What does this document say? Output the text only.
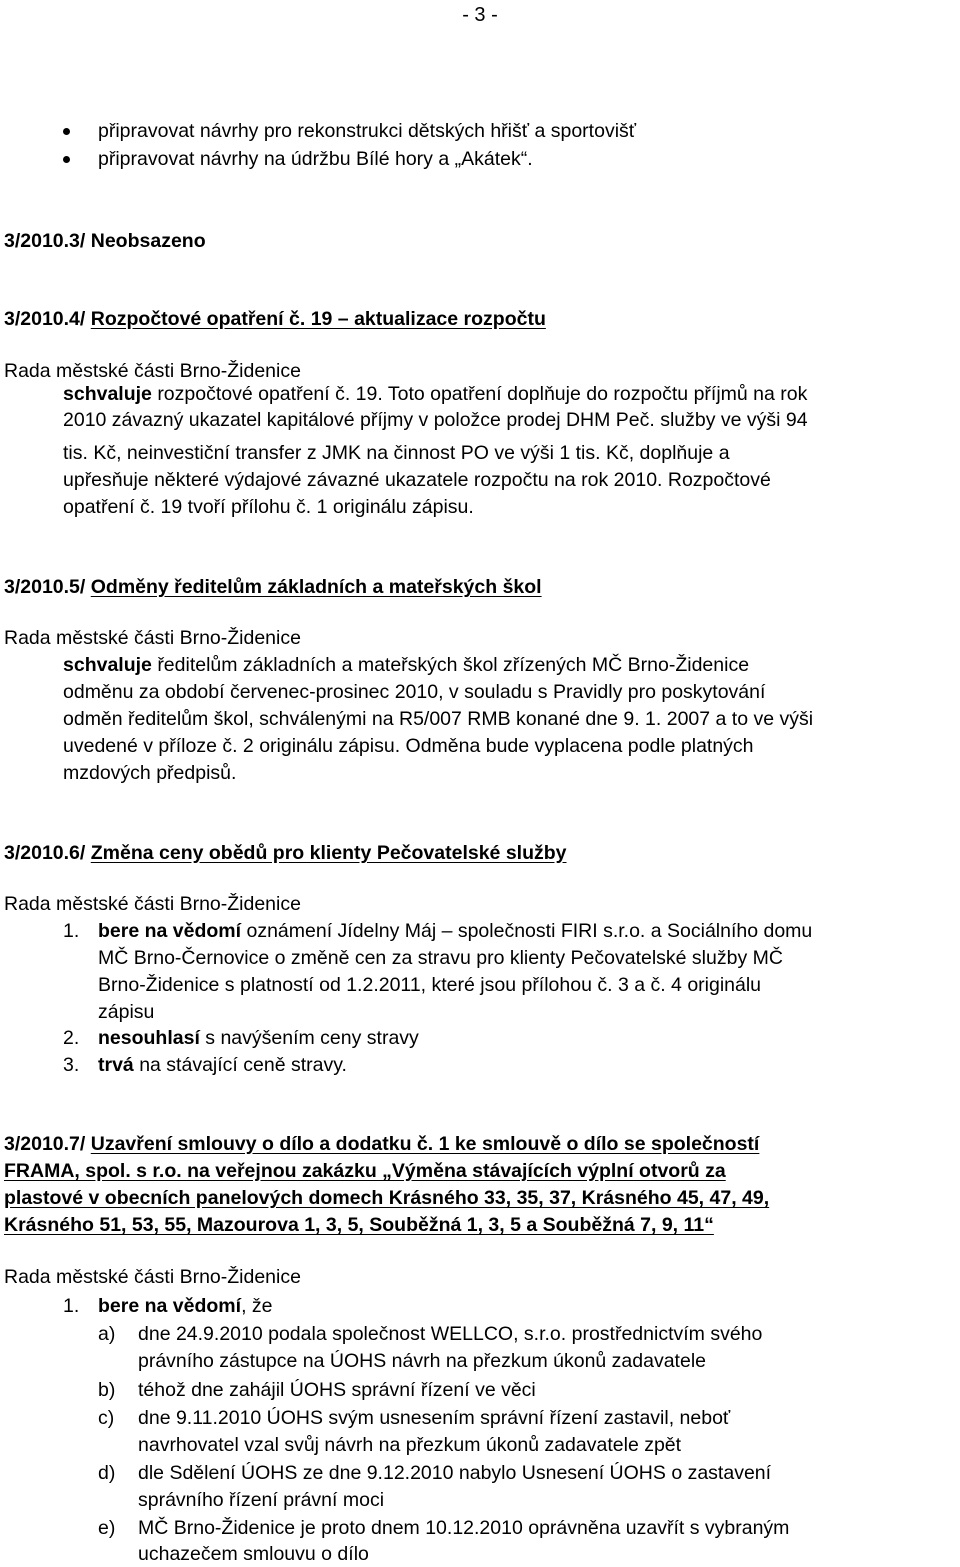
- 3 -
připravovat návrhy pro rekonstrukci dětských hřišť a sportovišť
připravovat návrhy na údržbu Bílé hory a „Akátek“.
3/2010.3/ Neobsazeno
3/2010.4/ Rozpočtové opatření č. 19 – aktualizace rozpočtu
Rada městské části Brno-Židenice
schvaluje rozpočtové opatření č. 19. Toto opatření doplňuje do rozpočtu příjmů na rok
2010 závazný ukazatel kapitálové příjmy v položce prodej DHM Peč. služby ve výši 94
tis. Kč, neinvestiční transfer z JMK na činnost PO ve výši 1 tis. Kč, doplňuje a
upřesňuje některé výdajové závazné ukazatele rozpočtu na rok 2010. Rozpočtové
opatření č. 19 tvoří přílohu č. 1 originálu zápisu.
3/2010.5/ Odměny ředitelům základních a mateřských škol
Rada městské části Brno-Židenice
schvaluje ředitelům základních a mateřských škol zřízených MČ Brno-Židenice
odměnu za období červenec-prosinec 2010, v souladu s Pravidly pro poskytování
odměn ředitelům škol, schválenými na R5/007 RMB konané dne 9. 1. 2007 a to ve výši
uvedené v příloze č. 2 originálu zápisu. Odměna bude vyplacena podle platných
mzdových předpisů.
3/2010.6/ Změna ceny obědů pro klienty Pečovatelské služby
Rada městské části Brno-Židenice
1. bere na vědomí oznámení Jídelny Máj – společnosti FIRI s.r.o. a Sociálního domu
MČ Brno-Černovice o změně cen za stravu pro klienty Pečovatelské služby MČ
Brno-Židenice s platností od 1.2.2011, které jsou přílohou č. 3 a č. 4 originálu
zápisu
2. nesouhlasí s navýšením ceny stravy
3. trvá na stávající ceně stravy.
3/2010.7/ Uzavření smlouvy o dílo a dodatku č. 1 ke smlouvě o dílo se společností
FRAMA, spol. s r.o. na veřejnou zakázku „Výměna stávajících výplní otvorů za
plastové v obecních panelových domech Krásného 33, 35, 37, Krásného 45, 47, 49,
Krásného 51, 53, 55, Mazourova 1, 3, 5, Souběžná 1, 3, 5 a Souběžná 7, 9, 11“
Rada městské části Brno-Židenice
1. bere na vědomí, že
a) dne 24.9.2010 podala společnost WELLCO, s.r.o. prostřednictvím svého
právního zástupce na ÚOHS návrh na přezkum úkonů zadavatele
b) téhož dne zahájil ÚOHS správní řízení ve věci
c) dne 9.11.2010 ÚOHS svým usnesením správní řízení zastavil, neboť
navrhovatel vzal svůj návrh na přezkum úkonů zadavatele zpět
d) dle Sdělení ÚOHS ze dne 9.12.2010 nabylo Usnesení ÚOHS o zastavení
správního řízení právní moci
e) MČ Brno-Židenice je proto dnem 10.12.2010 oprávněna uzavřít s vybraným
uchazečem smlouvu o dílo
